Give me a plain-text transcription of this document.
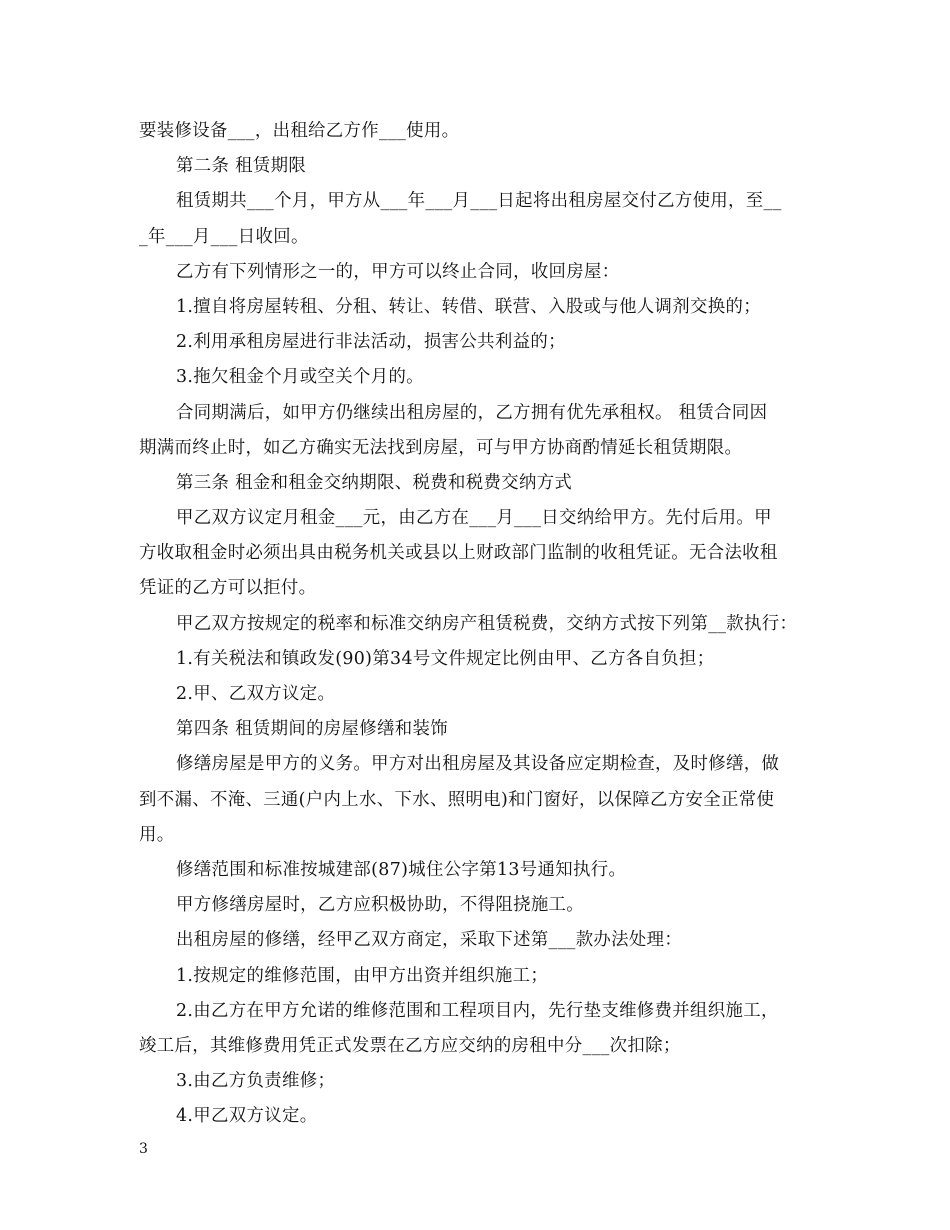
要装修设备___，出租给乙方作___使用。
第二条 租赁期限
租赁期共___个月，甲方从___年___月___日起将出租房屋交付乙方使用，至__
_年___月___日收回。
乙方有下列情形之一的，甲方可以终止合同，收回房屋：
1.擅自将房屋转租、分租、转让、转借、联营、入股或与他人调剂交换的；
2.利用承租房屋进行非法活动，损害公共利益的；
3.拖欠租金个月或空关个月的。
合同期满后，如甲方仍继续出租房屋的，乙方拥有优先承租权。 租赁合同因
期满而终止时，如乙方确实无法找到房屋，可与甲方协商酌情延长租赁期限。
第三条 租金和租金交纳期限、税费和税费交纳方式
甲乙双方议定月租金___元，由乙方在___月___日交纳给甲方。先付后用。甲
方收取租金时必须出具由税务机关或县以上财政部门监制的收租凭证。无合法收租
凭证的乙方可以拒付。
甲乙双方按规定的税率和标准交纳房产租赁税费，交纳方式按下列第__款执行：
1.有关税法和镇政发(90)第34号文件规定比例由甲、乙方各自负担；
2.甲、乙双方议定。
第四条 租赁期间的房屋修缮和装饰
修缮房屋是甲方的义务。甲方对出租房屋及其设备应定期检查，及时修缮，做
到不漏、不淹、三通(户内上水、下水、照明电)和门窗好，以保障乙方安全正常使
用。
修缮范围和标准按城建部(87)城住公字第13号通知执行。
甲方修缮房屋时，乙方应积极协助，不得阻挠施工。
出租房屋的修缮，经甲乙双方商定，采取下述第___款办法处理：
1.按规定的维修范围，由甲方出资并组织施工；
2.由乙方在甲方允诺的维修范围和工程项目内，先行垫支维修费并组织施工，
竣工后，其维修费用凭正式发票在乙方应交纳的房租中分___次扣除；
3.由乙方负责维修；
4.甲乙双方议定。
3
